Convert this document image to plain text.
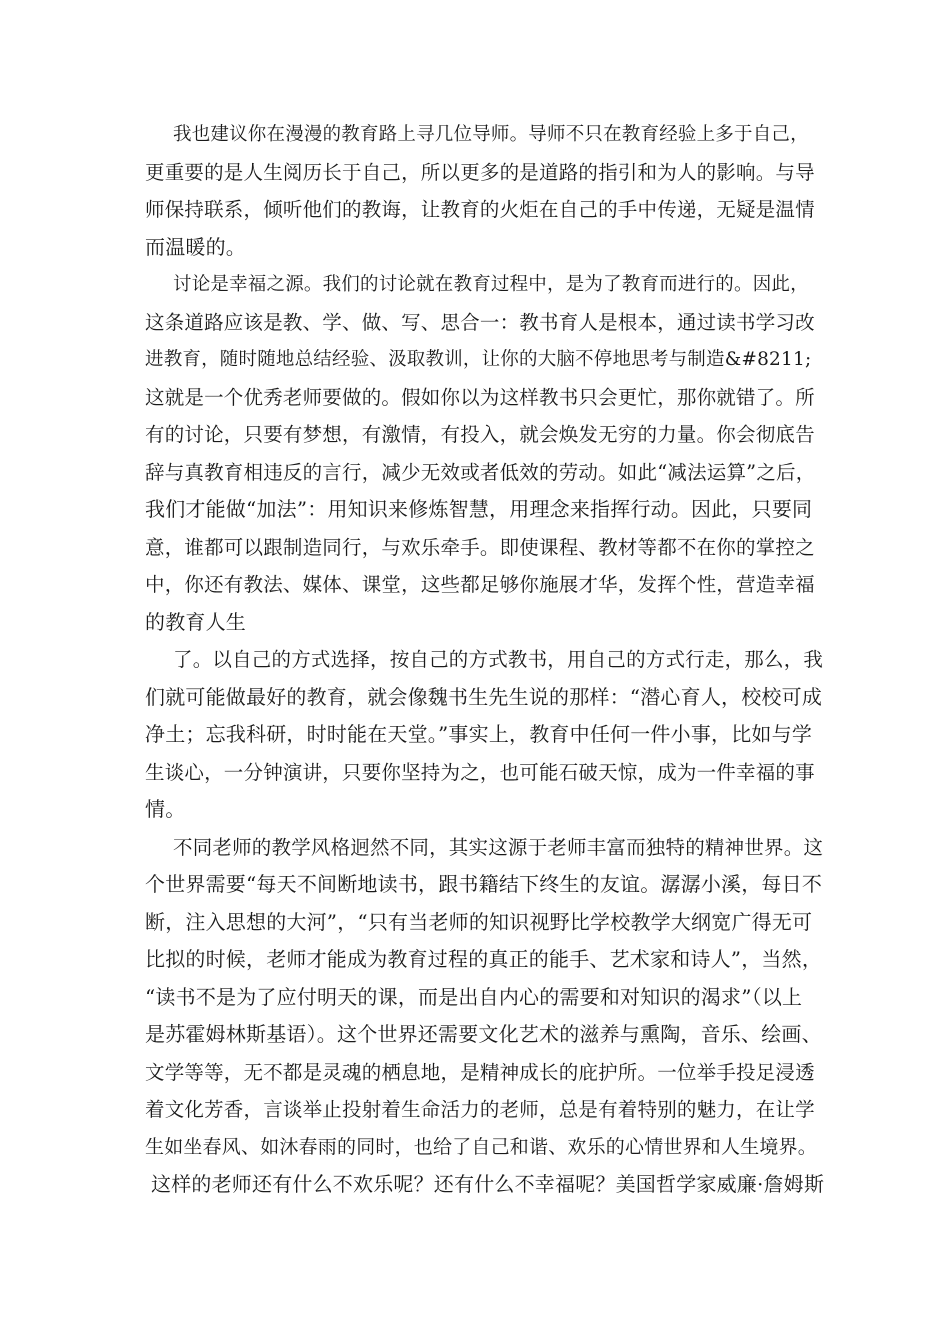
我也建议你在漫漫的教育路上寻几位导师。导师不只在教育经验上多于自己，
更重要的是人生阅历长于自己，所以更多的是道路的指引和为人的影响。与导
师保持联系，倾听他们的教诲，让教育的火炬在自己的手中传递，无疑是温情
而温暖的。
讨论是幸福之源。我们的讨论就在教育过程中，是为了教育而进行的。因此，
这条道路应该是教、学、做、写、思合一：教书育人是根本，通过读书学习改
进教育，随时随地总结经验、汲取教训，让你的大脑不停地思考与制造&#8211;
这就是一个优秀老师要做的。假如你以为这样教书只会更忙，那你就错了。所
有的讨论，只要有梦想，有激情，有投入，就会焕发无穷的力量。你会彻底告
辞与真教育相违反的言行，减少无效或者低效的劳动。如此“减法运算”之后，
我们才能做“加法”：用知识来修炼智慧，用理念来指挥行动。因此，只要同
意，谁都可以跟制造同行，与欢乐牵手。即使课程、教材等都不在你的掌控之
中，你还有教法、媒体、课堂，这些都足够你施展才华，发挥个性，营造幸福
的教育人生
了。以自己的方式选择，按自己的方式教书，用自己的方式行走，那么，我
们就可能做最好的教育，就会像魏书生先生说的那样：“潜心育人，校校可成
净土；忘我科研，时时能在天堂。”事实上，教育中任何一件小事，比如与学
生谈心，一分钟演讲，只要你坚持为之，也可能石破天惊，成为一件幸福的事
情。
不同老师的教学风格迥然不同，其实这源于老师丰富而独特的精神世界。这
个世界需要“每天不间断地读书，跟书籍结下终生的友谊。潺潺小溪，每日不
断，注入思想的大河”，“只有当老师的知识视野比学校教学大纲宽广得无可
比拟的时候，老师才能成为教育过程的真正的能手、艺术家和诗人”，当然，
“读书不是为了应付明天的课，而是出自内心的需要和对知识的渴求”（以上
是苏霍姆林斯基语）。这个世界还需要文化艺术的滋养与熏陶，音乐、绘画、
文学等等，无不都是灵魂的栖息地，是精神成长的庇护所。一位举手投足浸透
着文化芳香，言谈举止投射着生命活力的老师，总是有着特别的魅力，在让学
生如坐春风、如沐春雨的同时，也给了自己和谐、欢乐的心情世界和人生境界。
这样的老师还有什么不欢乐呢？还有什么不幸福呢？美国哲学家威廉·詹姆斯
